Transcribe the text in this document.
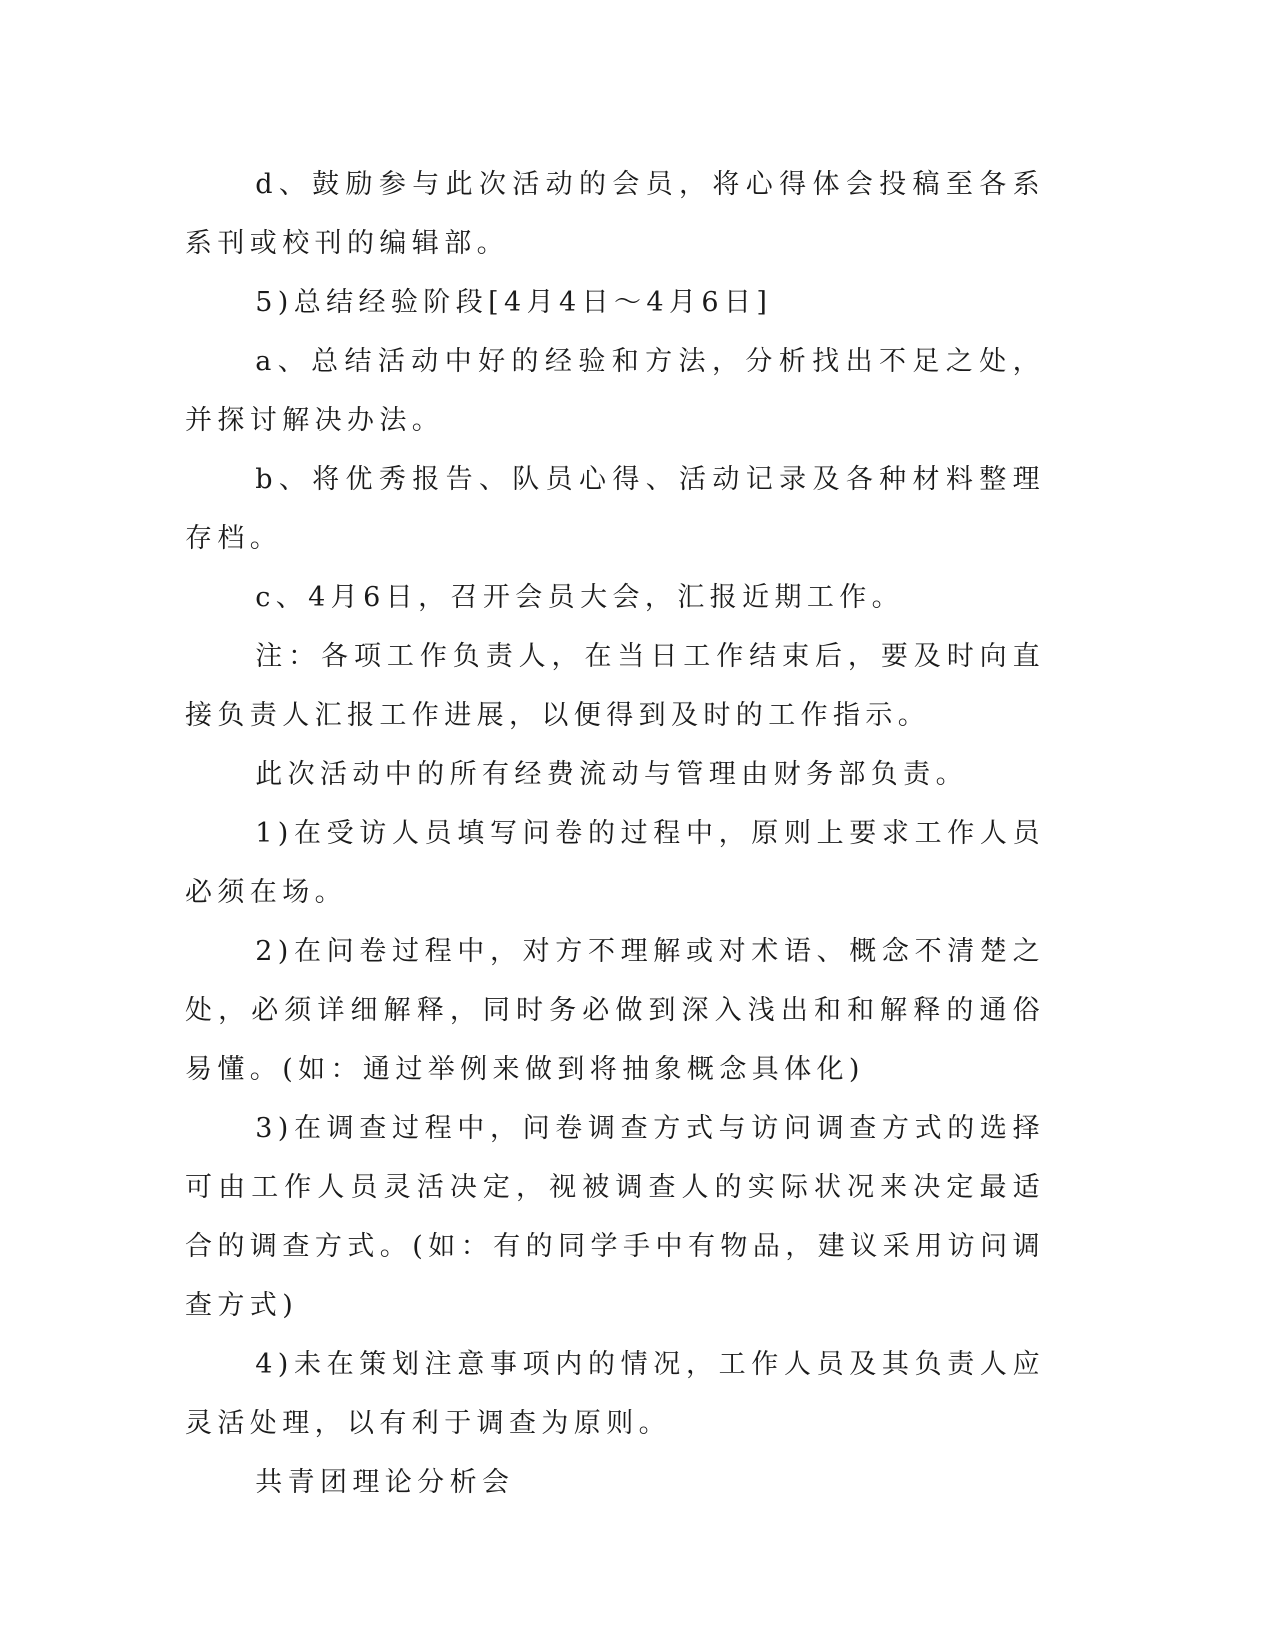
d、鼓励参与此次活动的会员，将心得体会投稿至各系系刊或校刊的编辑部。

5)总结经验阶段[4月4日～4月6日]

a、总结活动中好的经验和方法，分析找出不足之处，并探讨解决办法。

b、将优秀报告、队员心得、活动记录及各种材料整理存档。

c、4月6日，召开会员大会，汇报近期工作。

注：各项工作负责人，在当日工作结束后，要及时向直接负责人汇报工作进展，以便得到及时的工作指示。

此次活动中的所有经费流动与管理由财务部负责。

1)在受访人员填写问卷的过程中，原则上要求工作人员必须在场。

2)在问卷过程中，对方不理解或对术语、概念不清楚之处，必须详细解释，同时务必做到深入浅出和和解释的通俗易懂。(如：通过举例来做到将抽象概念具体化)

3)在调查过程中，问卷调查方式与访问调查方式的选择可由工作人员灵活决定，视被调查人的实际状况来决定最适合的调查方式。(如：有的同学手中有物品，建议采用访问调查方式)

4)未在策划注意事项内的情况，工作人员及其负责人应灵活处理，以有利于调查为原则。

共青团理论分析会
